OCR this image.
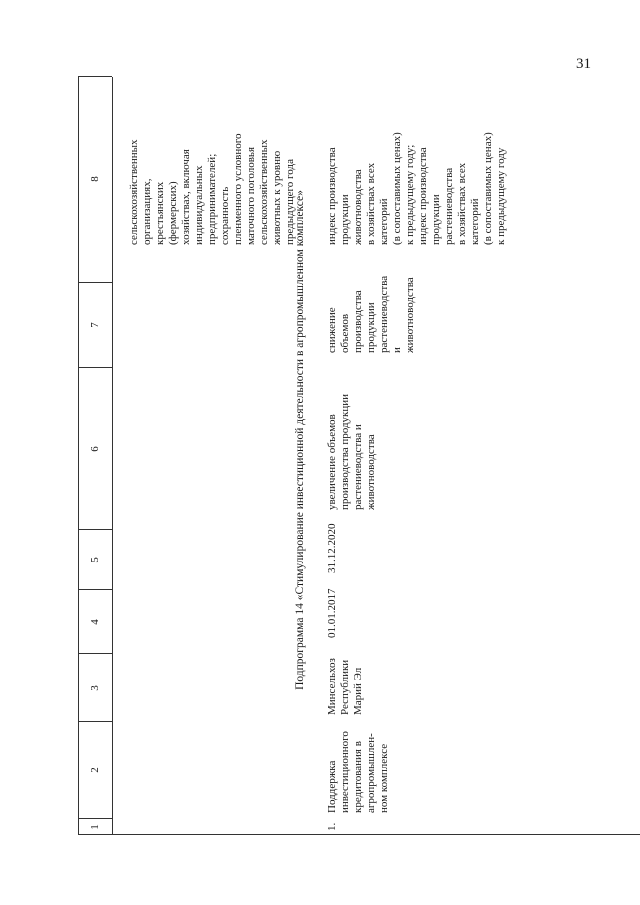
31
1
2
3
4
5
6
7
8 сельскохозяйственных
организациях,
крестьянских
(фермерских)
хозяйствах, включая
индивидуальных
предпринимателей;
сохранность
пленменного условного
маточного поголовья
сельскохозяйственных
животных к уровню
предыдущего года
Подпрограмма 14 «Стимулирование инвестиционной деятельности в агропромышленном комплексе»
1.
Поддержка
инвестиционного
кредитования в
агропромышлен-
ном комплексе
Минсельхоз
Республики
Марий Эл
01.01.2017
31.12.2020
увеличение объемов
производства продукции
растениеводства и
животноводства
снижение
объемов
производства
продукции
растениеводства
и
животноводства
индекс производства
продукции
животноводства
в хозяйствах всех
категорий
(в сопоставимых ценах)
к предыдущему году;
индекс производства
продукции
растениеводства
в хозяйствах всех
категорий
(в сопоставимых ценах)
к предыдущему году
